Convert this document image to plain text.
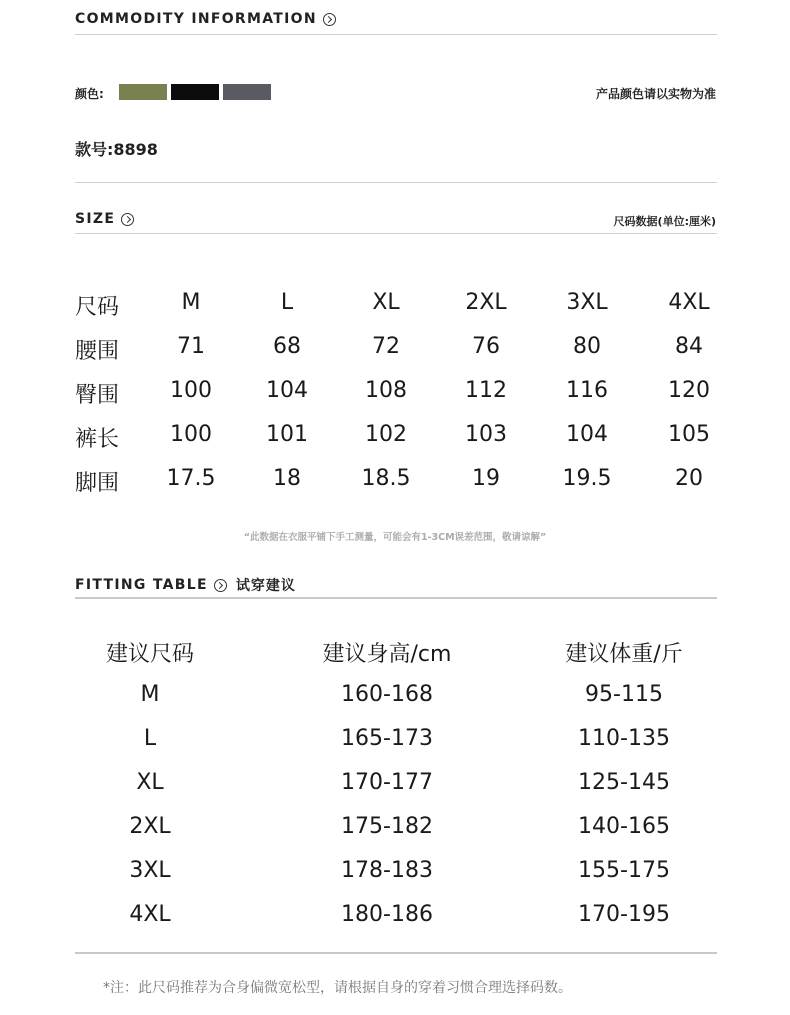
COMMODITY INFORMATION
颜色:	产品颜色请以实物为准
款号:8898
SIZE	尺码数据(单位:厘米)
尺码	M	L	XL	2XL	3XL	4XL
腰围	71	68	72	76	80	84
臀围 100 104	108	112	116	120
裤长 100 101	102	103	104	105
脚围 17.5	18	18.5	19	19.5	20
“此数据在衣服平铺下手工测量，可能会有1-3CM误差范围，敬请谅解”
FITTING TABLE 试穿建议
建议尺码	建议身高/cm	建议体重/斤
M	160-168	95-115
L	165-173	110-135
XL	170-177	125-145
2XL	175-182	140-165
3XL	178-183	155-175
4XL	180-186	170-195
*注：此尺码推荐为合身偏微宽松型，请根据自身的穿着习惯合理选择码数。
